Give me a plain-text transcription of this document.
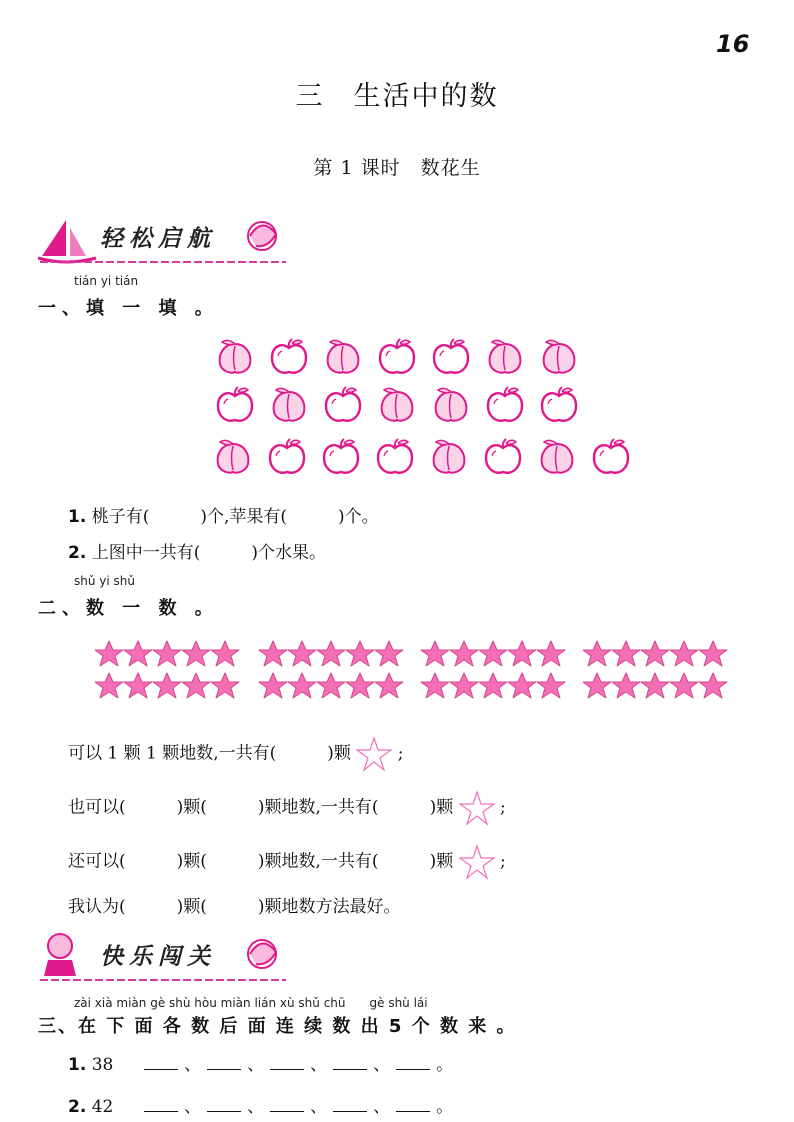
16
三　生活中的数
第 1 课时　数花生
轻松启航
tián yi tián
一、填 一 填 。
1. 桃子有(　　　)个,苹果有(　　　)个。
2. 上图中一共有(　　　)个水果。
shǔ yi shǔ
二、数 一 数 。
可以 1 颗 1 颗地数,一共有(　　　)颗	;
也可以(　　　)颗(　　　)颗地数,一共有(　　　)颗	;
还可以(　　　)颗(　　　)颗地数,一共有(　　　)颗	;
我认为(　　　)颗(　　　)颗地数方法最好。
快乐闯关
zài xià miàn gè shù hòu miàn lián xù shǔ chū　　gè shù lái
三、在 下 面 各 数 后 面 连 续 数 出 5 个 数 来 。
1. 38	、	、	、	、	。
2. 42	、	、	、	、	。
